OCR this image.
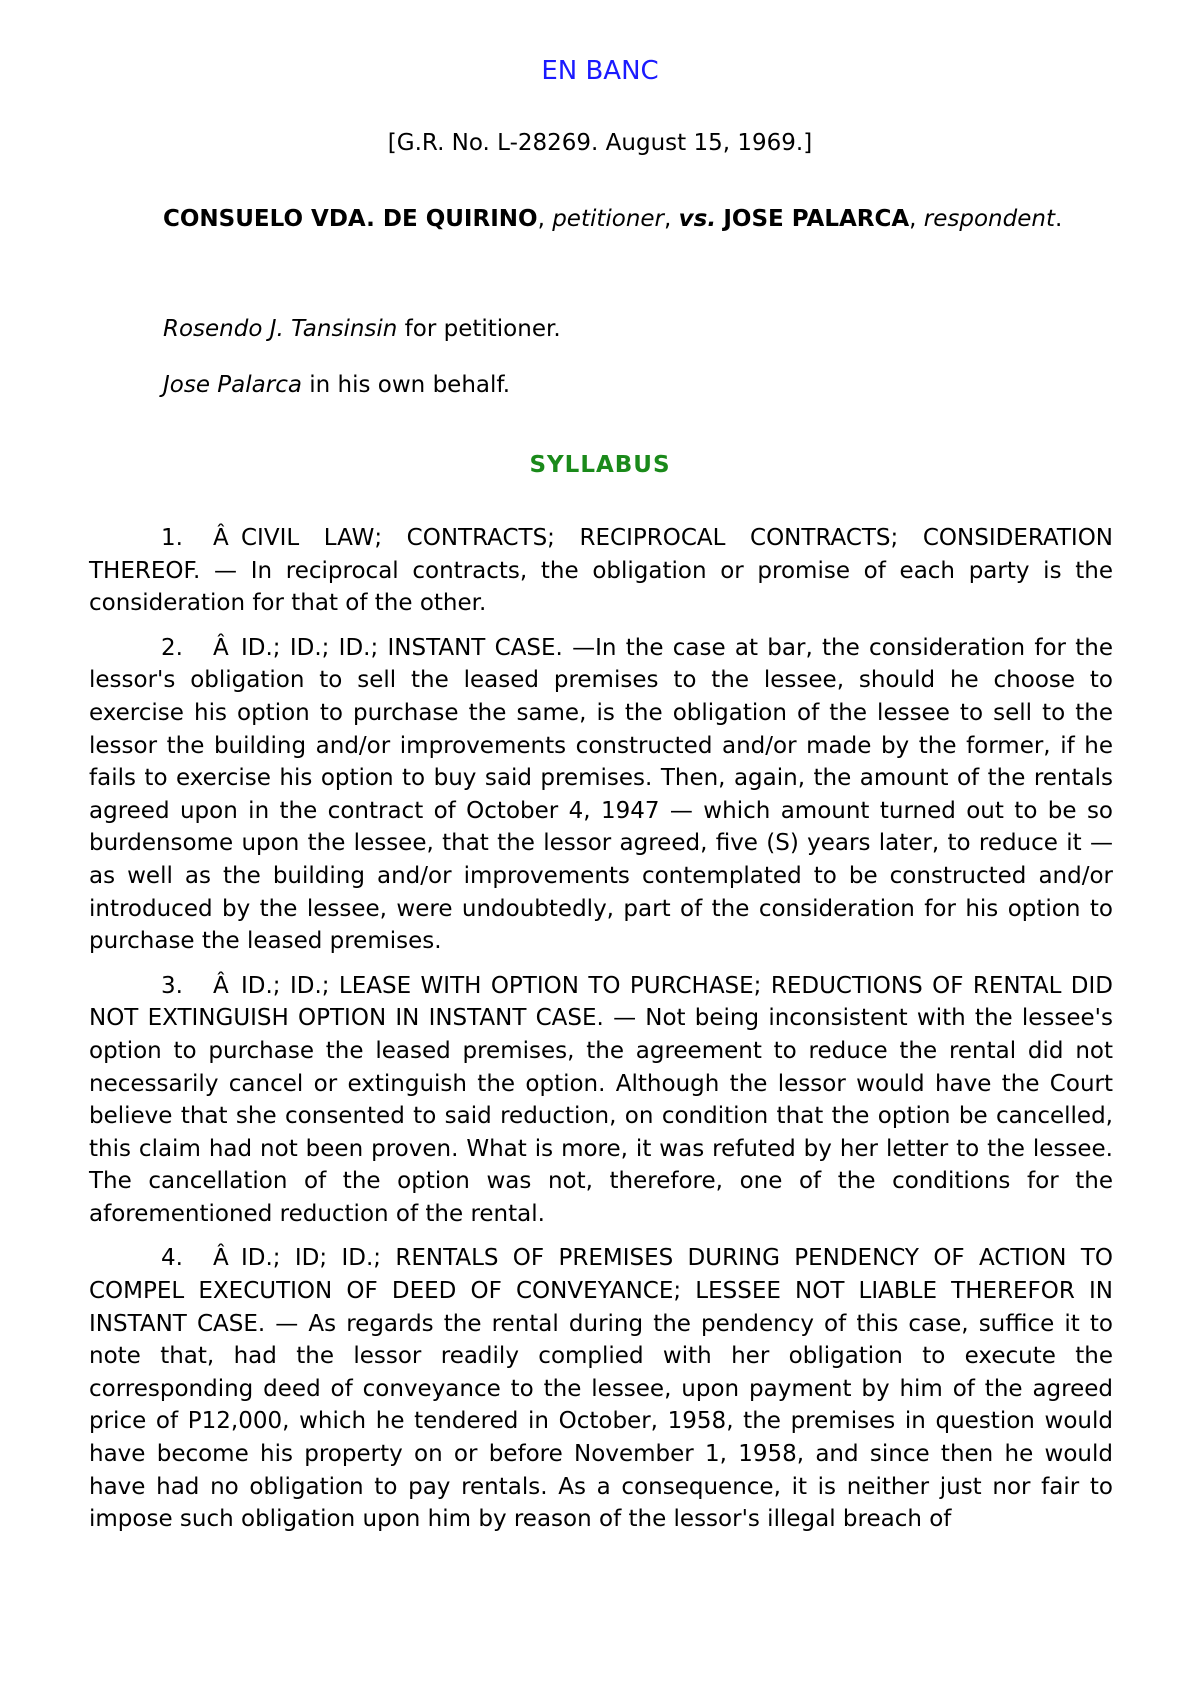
EN BANC
[G.R. No. L-28269. August 15, 1969.]
CONSUELO VDA. DE QUIRINO, petitioner, vs. JOSE PALARCA, respondent.
Rosendo J. Tansinsin for petitioner.
Jose Palarca in his own behalf.
SYLLABUS

1. Â CIVIL LAW; CONTRACTS; RECIPROCAL CONTRACTS; CONSIDERATION THEREOF. — In reciprocal contracts, the obligation or promise of each party is the consideration for that of the other.

2. Â ID.; ID.; ID.; INSTANT CASE. —In the case at bar, the consideration for the lessor's obligation to sell the leased premises to the lessee, should he choose to exercise his option to purchase the same, is the obligation of the lessee to sell to the lessor the building and/or improvements constructed and/or made by the former, if he fails to exercise his option to buy said premises. Then, again, the amount of the rentals agreed upon in the contract of October 4, 1947 — which amount turned out to be so burdensome upon the lessee, that the lessor agreed, five (S) years later, to reduce it — as well as the building and/or improvements contemplated to be constructed and/or introduced by the lessee, were undoubtedly, part of the consideration for his option to purchase the leased premises.

3. Â ID.; ID.; LEASE WITH OPTION TO PURCHASE; REDUCTIONS OF RENTAL DID NOT EXTINGUISH OPTION IN INSTANT CASE. — Not being inconsistent with the lessee's option to purchase the leased premises, the agreement to reduce the rental did not necessarily cancel or extinguish the option. Although the lessor would have the Court believe that she consented to said reduction, on condition that the option be cancelled, this claim had not been proven. What is more, it was refuted by her letter to the lessee. The cancellation of the option was not, therefore, one of the conditions for the aforementioned reduction of the rental.

4. Â ID.; ID; ID.; RENTALS OF PREMISES DURING PENDENCY OF ACTION TO COMPEL EXECUTION OF DEED OF CONVEYANCE; LESSEE NOT LIABLE THEREFOR IN INSTANT CASE. — As regards the rental during the pendency of this case, suffice it to note that, had the lessor readily complied with her obligation to execute the corresponding deed of conveyance to the lessee, upon payment by him of the agreed price of P12,000, which he tendered in October, 1958, the premises in question would have become his property on or before November 1, 1958, and since then he would have had no obligation to pay rentals. As a consequence, it is neither just nor fair to impose such obligation upon him by reason of the lessor's illegal breach of
